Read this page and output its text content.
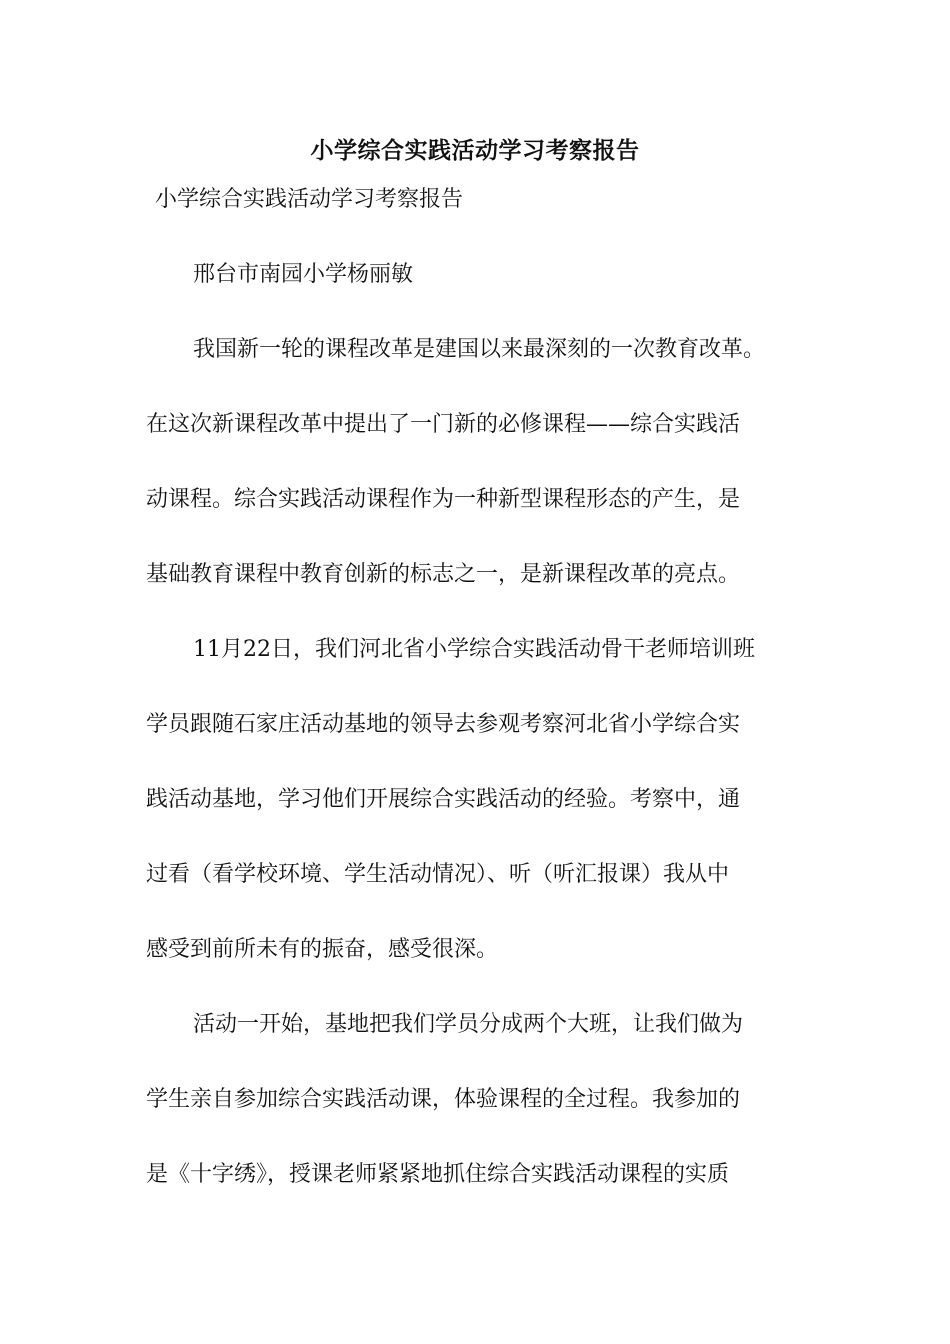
小学综合实践活动学习考察报告
小学综合实践活动学习考察报告
邢台市南园小学杨丽敏
我国新一轮的课程改革是建国以来最深刻的一次教育改革。
在这次新课程改革中提出了一门新的必修课程——综合实践活
动课程。综合实践活动课程作为一种新型课程形态的产生，是
基础教育课程中教育创新的标志之一，是新课程改革的亮点。
11月22日，我们河北省小学综合实践活动骨干老师培训班
学员跟随石家庄活动基地的领导去参观考察河北省小学综合实
践活动基地，学习他们开展综合实践活动的经验。考察中，通
过看（看学校环境、学生活动情况）、听（听汇报课）我从中
感受到前所未有的振奋，感受很深。
活动一开始，基地把我们学员分成两个大班，让我们做为
学生亲自参加综合实践活动课，体验课程的全过程。我参加的
是《十字绣》，授课老师紧紧地抓住综合实践活动课程的实质
